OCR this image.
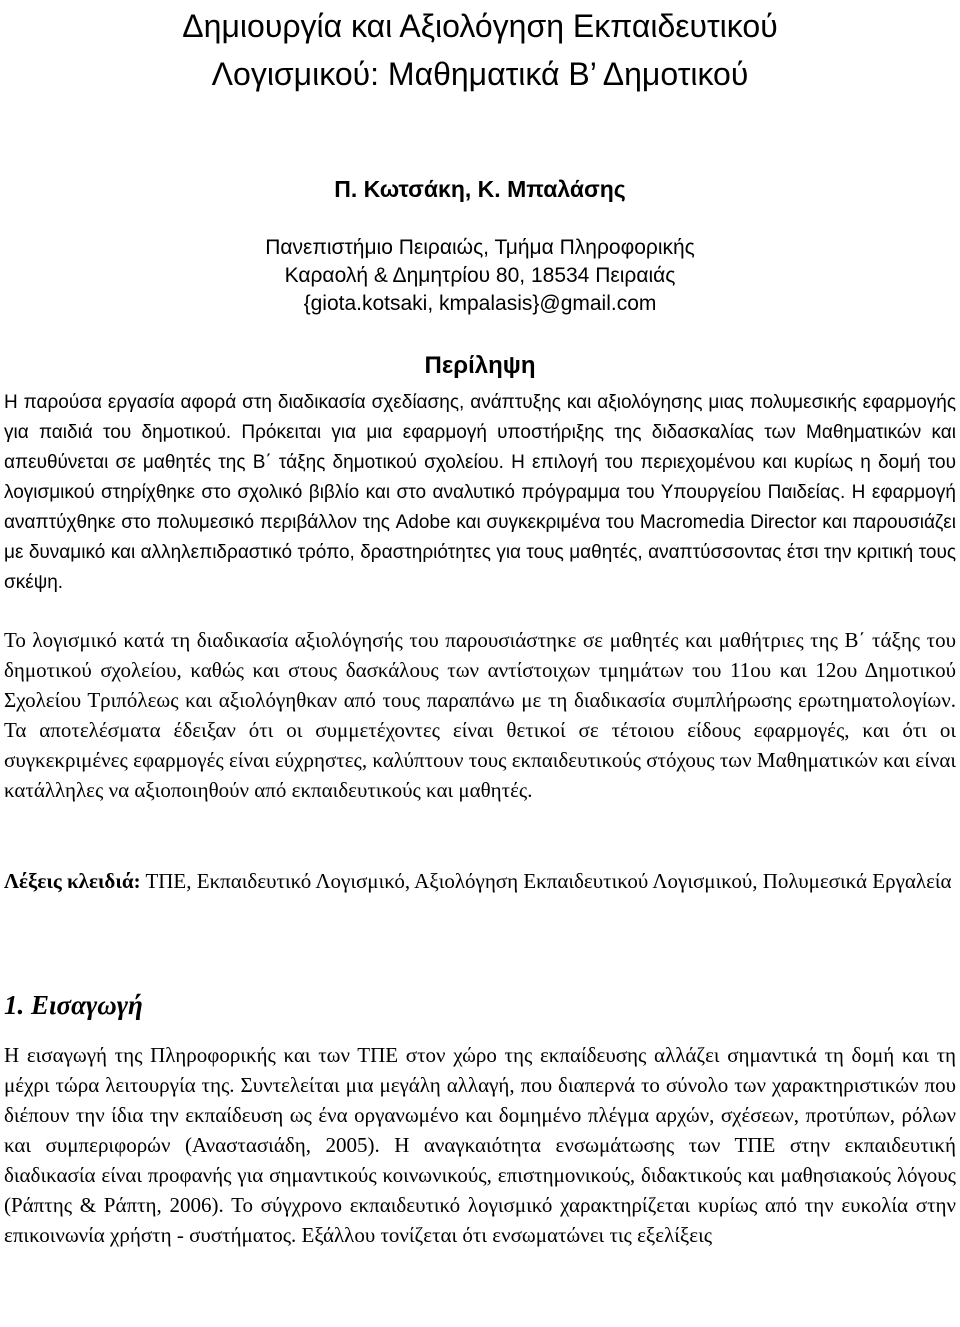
Δημιουργία και Αξιολόγηση Εκπαιδευτικού
Λογισμικού: Μαθηματικά Β’ Δημοτικού

Π. Κωτσάκη, Κ. Μπαλάσης

Πανεπιστήμιο Πειραιώς, Τμήμα Πληροφορικής
Καραολή & Δημητρίου 80, 18534 Πειραιάς
{giota.kotsaki, kmpalasis}@gmail.com

Περίληψη

Η παρούσα εργασία αφορά στη διαδικασία σχεδίασης, ανάπτυξης και αξιολόγησης μιας πολυμεσικής εφαρμογής για παιδιά του δημοτικού. Πρόκειται για μια εφαρμογή υποστήριξης της διδασκαλίας των Μαθηματικών και απευθύνεται σε μαθητές της Β΄ τάξης δημοτικού σχολείου. Η επιλογή του περιεχομένου και κυρίως η δομή του λογισμικού στηρίχθηκε στο σχολικό βιβλίο και στο αναλυτικό πρόγραμμα του Υπουργείου Παιδείας. Η εφαρμογή αναπτύχθηκε στο πολυμεσικό περιβάλλον της Adobe και συγκεκριμένα του Macromedia Director και παρουσιάζει με δυναμικό και αλληλεπιδραστικό τρόπο, δραστηριότητες για τους μαθητές, αναπτύσσοντας έτσι την κριτική τους σκέψη.

Το λογισμικό κατά τη διαδικασία αξιολόγησής του παρουσιάστηκε σε μαθητές και μαθήτριες της Β΄ τάξης του δημοτικού σχολείου, καθώς και στους δασκάλους των αντίστοιχων τμημάτων του 11ου και 12ου Δημοτικού Σχολείου Τριπόλεως και αξιολόγηθκαν από τους παραπάνω με τη διαδικασία συμπλήρωσης ερωτηματολογίων. Τα αποτελέσματα έδειξαν ότι οι συμμετέχοντες είναι θετικοί σε τέτοιου είδους εφαρμογές, και ότι οι συγκεκριμένες εφαρμογές είναι εύχρηστες, καλύπτουν τους εκπαιδευτικούς στόχους των Μαθηματικών και είναι κατάλληλες να αξιοποιηθούν από εκπαιδευτικούς και μαθητές.

Λέξεις κλειδιά: ΤΠΕ, Εκπαιδευτικό Λογισμικό, Αξιολόγηση Εκπαιδευτικού Λογισμικού, Πολυμεσικά Εργαλεία

1. Εισαγωγή

Η εισαγωγή της Πληροφορικής και των ΤΠΕ στον χώρο της εκπαίδευσης αλλάζει σημαντικά τη δομή και τη μέχρι τώρα λειτουργία της. Συντελείται μια μεγάλη αλλαγή, που διαπερνά το σύνολο των χαρακτηριστικών που διέπουν την ίδια την εκπαίδευση ως ένα οργανωμένο και δομημένο πλέγμα αρχών, σχέσεων, προτύπων, ρόλων και συμπεριφορών (Αναστασιάδη, 2005). Η αναγκαιότητα ενσωμάτωσης των ΤΠΕ στην εκπαιδευτική διαδικασία είναι προφανής για σημαντικούς κοινωνικούς, επιστημονικούς, διδακτικούς και μαθησιακούς λόγους (Ράπτης & Ράπτη, 2006). Το σύγχρονο εκπαιδευτικό λογισμικό χαρακτηρίζεται κυρίως από την ευκολία στην επικοινωνία χρήστη - συστήματος. Εξάλλου τονίζεται ότι ενσωματώνει τις εξελίξεις
